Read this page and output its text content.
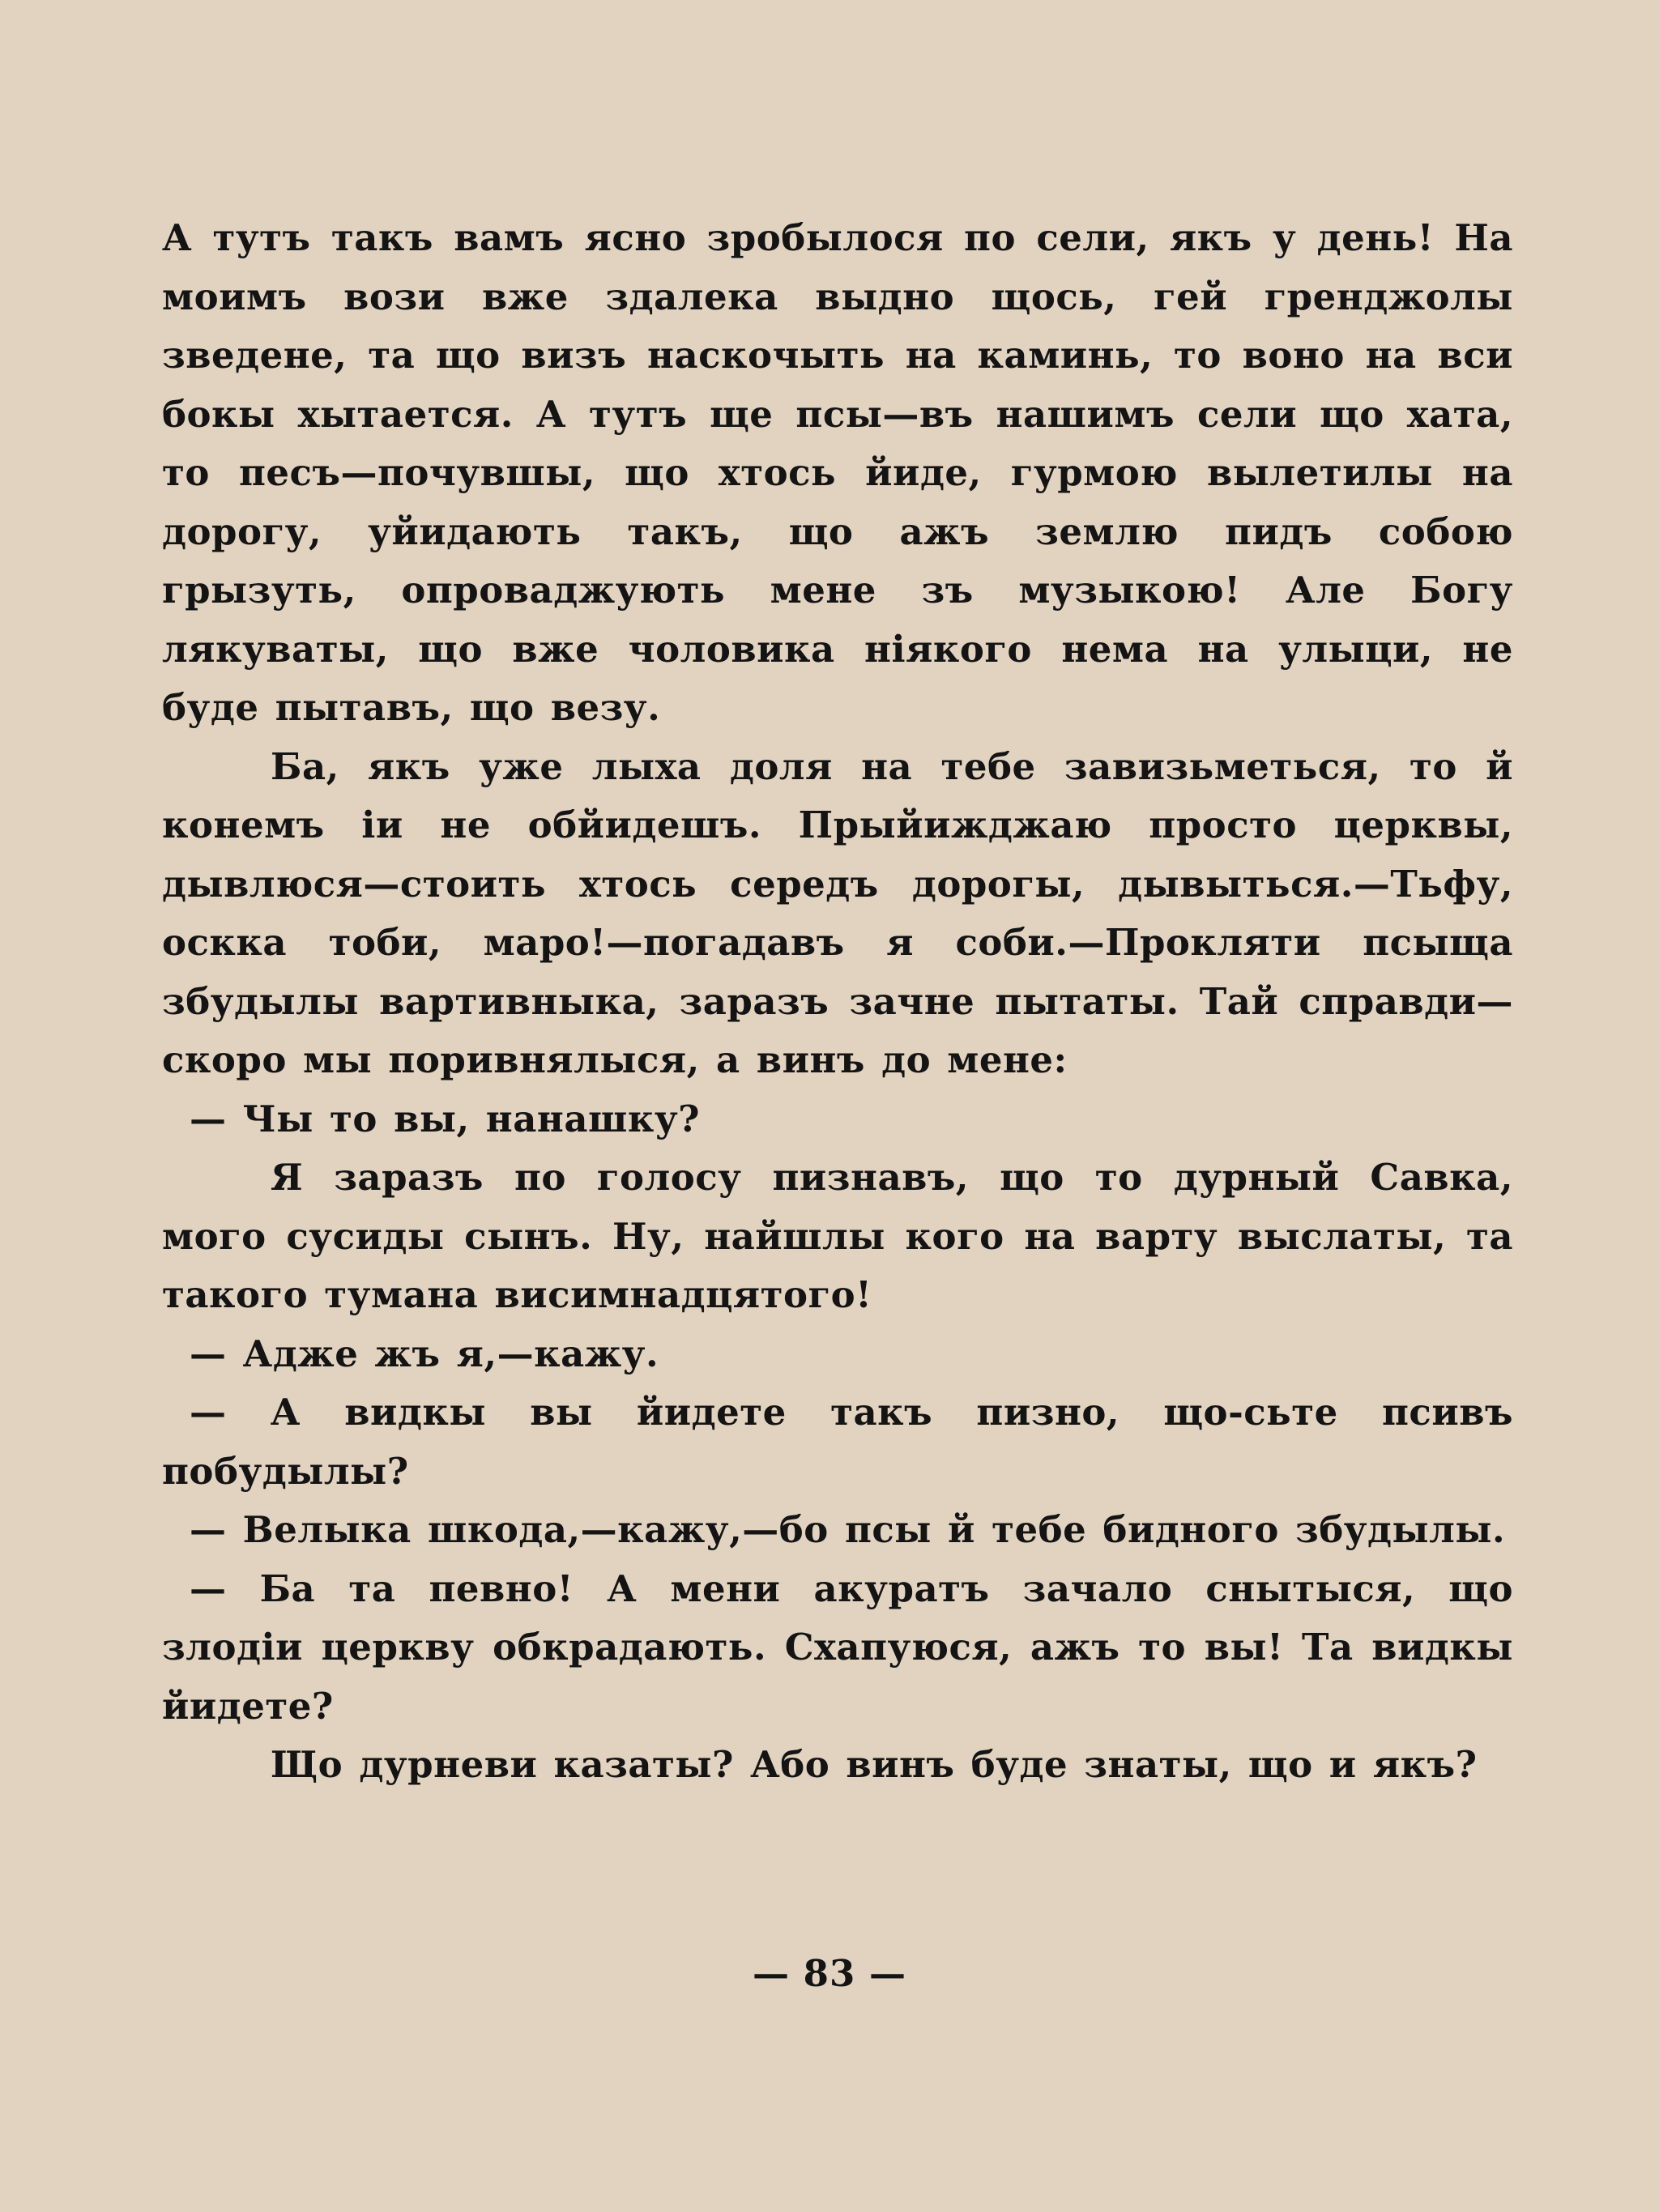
А тутъ такъ вамъ ясно зробылося по сели, якъ у день! На моимъ вози вже здалека выдно щось, гей гренджолы зведене, та що визъ наскочыть на каминь, то воно на вси бокы хытается. А тутъ ще псы—въ нашимъ сели що хата, то песъ—почувшы, що хтось йиде, гурмою вылетилы на дорогу, уйидають такъ, що ажъ землю пидъ собою грызуть, опроваджують мене зъ музыкою! Але Богу лякуваты, що вже чоловика ніякого нема на улыци, не буде пытавъ, що везу.

Ба, якъ уже лыха доля на тебе завизьметься, то й конемъ іи не обйидешъ. Прыйижджаю просто церквы, дывлюся—стоить хтось середъ дорогы, дывыться.—Тьфу, оскка тоби, маро!—погадавъ я соби.—Прокляти псыща збудылы вартивныка, заразъ зачне пытаты. Тай справди—скоро мы поривнялыся, а винъ до мене:

— Чы то вы, нанашку?

Я заразъ по голосу пизнавъ, що то дурный Савка, мого сусиды сынъ. Ну, найшлы кого на варту выслаты, та такого тумана висимнадцятого!

— Адже жъ я,—кажу.

— А видкы вы йидете такъ пизно, що-сьте псивъ побудылы?

— Велыка шкода,—кажу,—бо псы й тебе бидного збудылы.

— Ба та певно! А мени акуратъ зачало снытыся, що злодіи церкву обкрадають. Схапуюся, ажъ то вы! Та видкы йидете?

Що дурневи казаты? Або винъ буде знаты, що и якъ?

— 83 —
